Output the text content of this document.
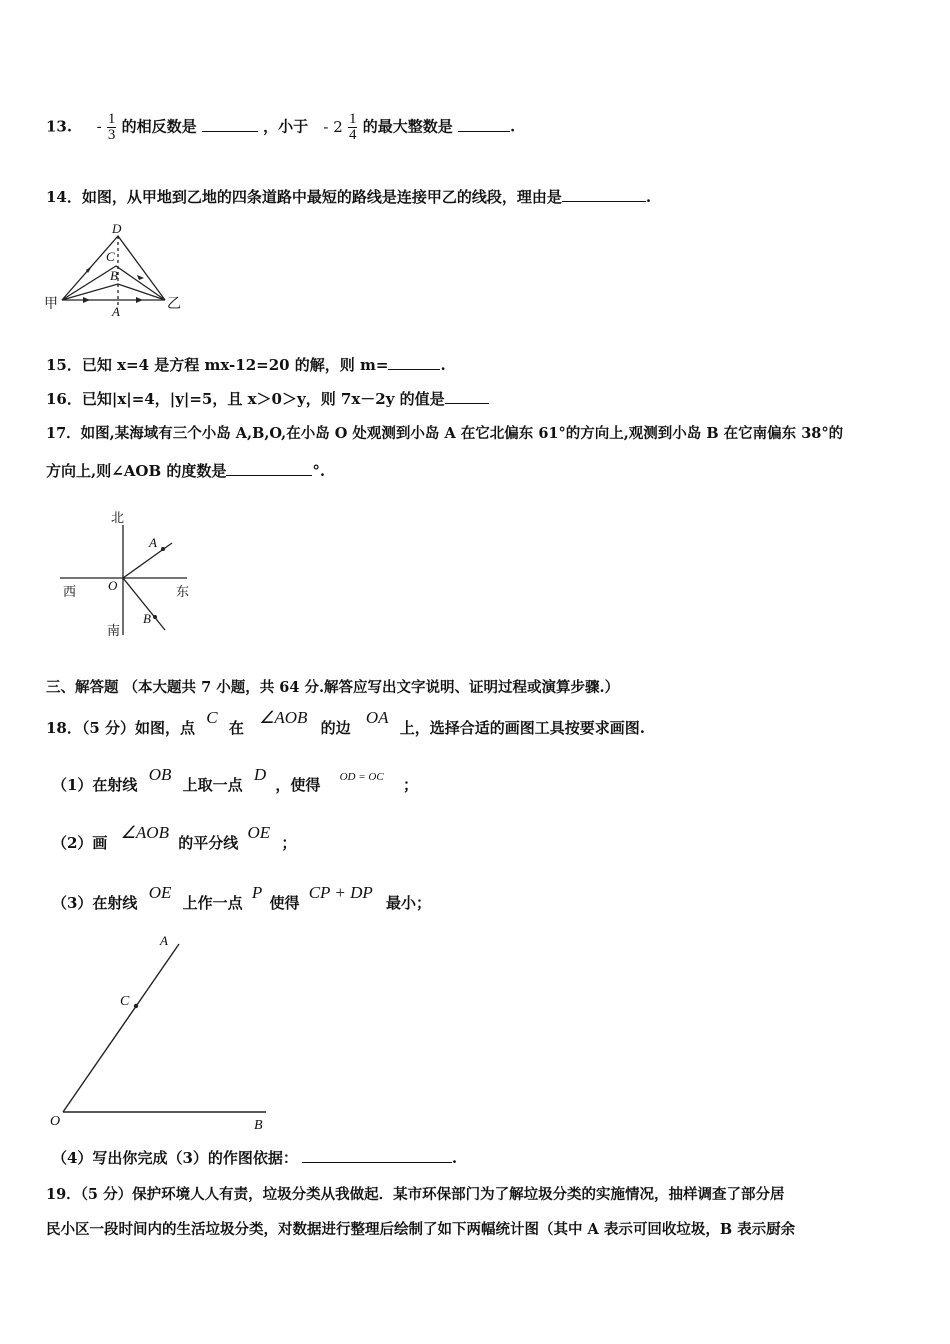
13. - $\frac{1}{3}$ 的相反数是	，小于 - $2 \frac{1}{4}$ 的最大整数是	.
14．如图，从甲地到乙地的四条道路中最短的路线是连接甲乙的线段，理由是	.
甲	乙
D
C
B
A
15．已知 x=4 是方程 mx-12=20 的解，则 m=	.
16．已知|x|=4，|y|=5，且 x＞0＞y，则 7x－2y 的值是
17．如图,某海域有三个小岛 A,B,O,在小岛 O 处观测到小岛 A 在它北偏东 61°的方向上,观测到小岛 B 在它南偏东 38°的
方向上,则∠AOB 的度数是	°.
北
南
西	东
O
A
B
三、解答题 （本大题共 7 小题，共 64 分.解答应写出文字说明、证明过程或演算步骤.）
18．（5 分）如图，点 C 在 ∠AOB 的边 OA 上，选择合适的画图工具按要求画图.
（1）在射线 OB 上取一点 D ，使得 $^{OD = OC}$ ；
（2）画 ∠AOB 的平分线 OE ；
（3）在射线 OE 上作一点 P 使得 CP + DP 最小；
A
C
O	B
（4）写出你完成（3）的作图依据：	.
19．（5 分）保护环境人人有责，垃圾分类从我做起．某市环保部门为了解垃圾分类的实施情况，抽样调查了部分居
民小区一段时间内的生活垃圾分类，对数据进行整理后绘制了如下两幅统计图（其中 A 表示可回收垃圾，B 表示厨余
